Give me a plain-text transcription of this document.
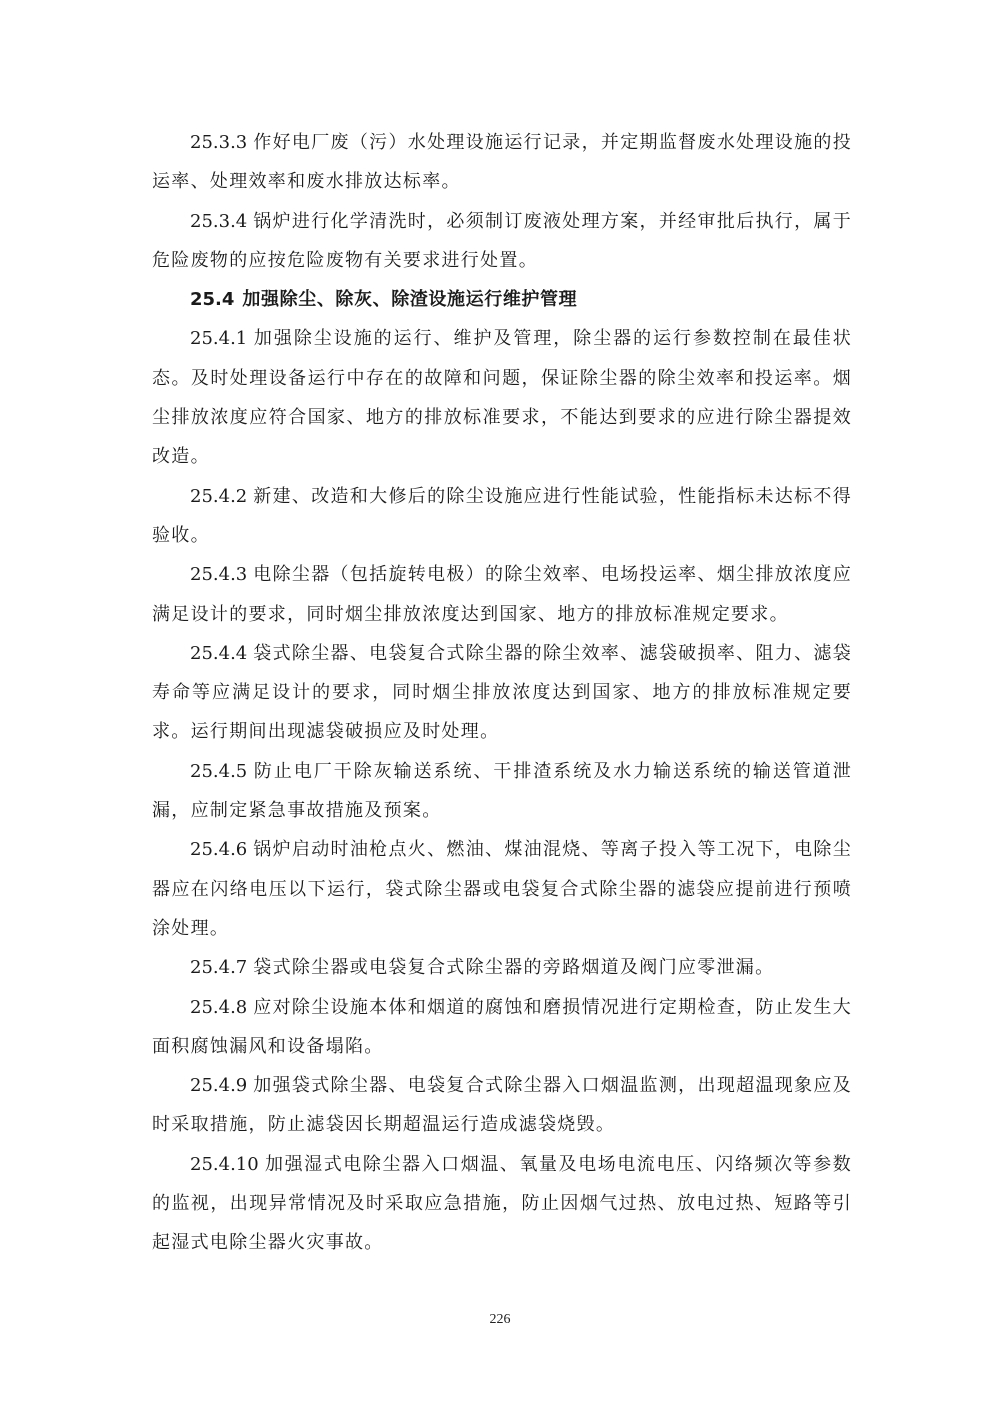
25.3.3 作好电厂废（污）水处理设施运行记录，并定期监督废水处理设施的投运率、处理效率和废水排放达标率。

25.3.4 锅炉进行化学清洗时，必须制订废液处理方案，并经审批后执行，属于危险废物的应按危险废物有关要求进行处置。

25.4 加强除尘、除灰、除渣设施运行维护管理

25.4.1 加强除尘设施的运行、维护及管理，除尘器的运行参数控制在最佳状态。及时处理设备运行中存在的故障和问题，保证除尘器的除尘效率和投运率。烟尘排放浓度应符合国家、地方的排放标准要求，不能达到要求的应进行除尘器提效改造。

25.4.2 新建、改造和大修后的除尘设施应进行性能试验，性能指标未达标不得验收。

25.4.3 电除尘器（包括旋转电极）的除尘效率、电场投运率、烟尘排放浓度应满足设计的要求，同时烟尘排放浓度达到国家、地方的排放标准规定要求。

25.4.4 袋式除尘器、电袋复合式除尘器的除尘效率、滤袋破损率、阻力、滤袋寿命等应满足设计的要求，同时烟尘排放浓度达到国家、地方的排放标准规定要求。运行期间出现滤袋破损应及时处理。

25.4.5 防止电厂干除灰输送系统、干排渣系统及水力输送系统的输送管道泄漏，应制定紧急事故措施及预案。

25.4.6 锅炉启动时油枪点火、燃油、煤油混烧、等离子投入等工况下，电除尘器应在闪络电压以下运行，袋式除尘器或电袋复合式除尘器的滤袋应提前进行预喷涂处理。

25.4.7 袋式除尘器或电袋复合式除尘器的旁路烟道及阀门应零泄漏。

25.4.8 应对除尘设施本体和烟道的腐蚀和磨损情况进行定期检查，防止发生大面积腐蚀漏风和设备塌陷。

25.4.9 加强袋式除尘器、电袋复合式除尘器入口烟温监测，出现超温现象应及时采取措施，防止滤袋因长期超温运行造成滤袋烧毁。

25.4.10 加强湿式电除尘器入口烟温、氧量及电场电流电压、闪络频次等参数的监视，出现异常情况及时采取应急措施，防止因烟气过热、放电过热、短路等引起湿式电除尘器火灾事故。

226
